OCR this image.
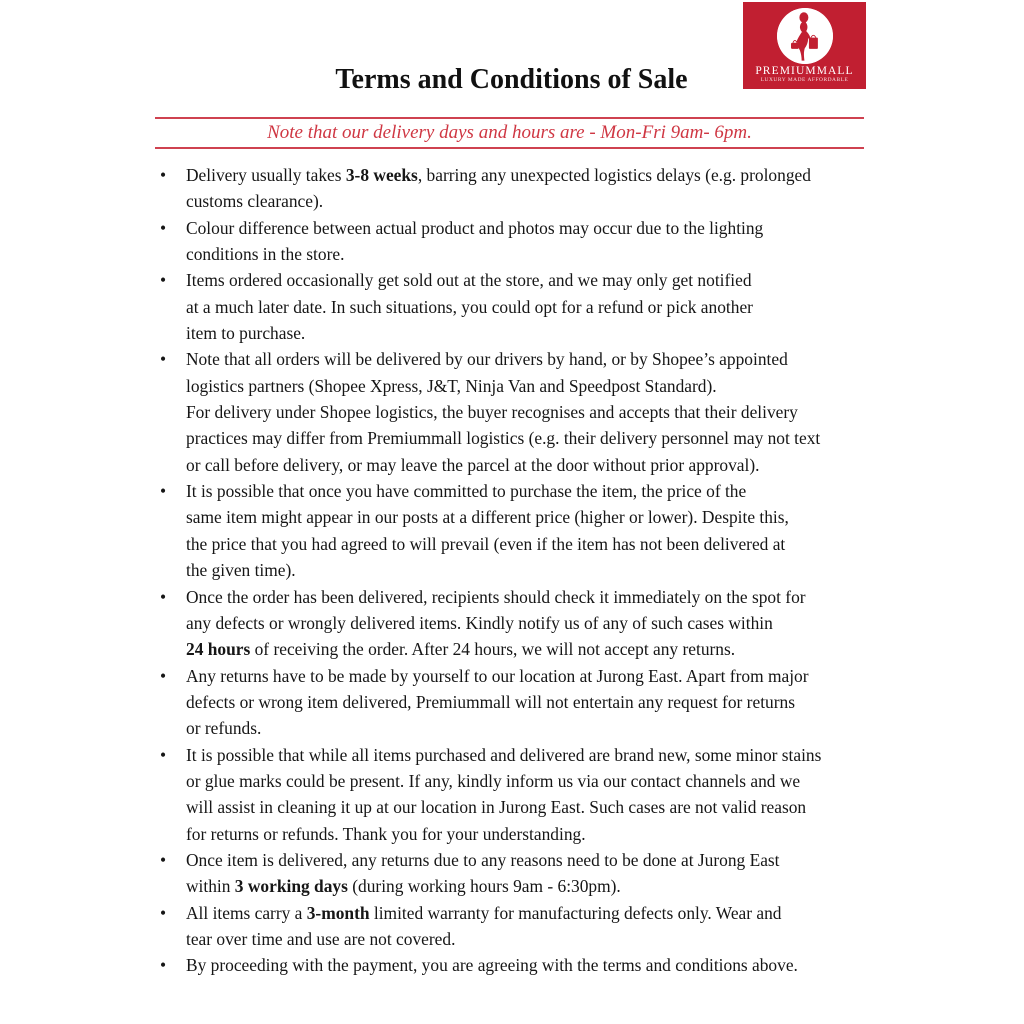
PREMIUMMALL
LUXURY MADE AFFORDABLE
Terms and Conditions of Sale
Note that our delivery days and hours are - Mon-Fri 9am- 6pm.
•	Delivery usually takes 3-8 weeks, barring any unexpected logistics delays (e.g. prolonged
customs clearance).
•	Colour difference between actual product and photos may occur due to the lighting
conditions in the store.
•	Items ordered occasionally get sold out at the store, and we may only get notified
at a much later date. In such situations, you could opt for a refund or pick another
item to purchase.
•	Note that all orders will be delivered by our drivers by hand, or by Shopee’s appointed
logistics partners (Shopee Xpress, J&T, Ninja Van and Speedpost Standard).
For delivery under Shopee logistics, the buyer recognises and accepts that their delivery
practices may differ from Premiummall logistics (e.g. their delivery personnel may not text
or call before delivery, or may leave the parcel at the door without prior approval).
•	It is possible that once you have committed to purchase the item, the price of the
same item might appear in our posts at a different price (higher or lower). Despite this,
the price that you had agreed to will prevail (even if the item has not been delivered at
the given time).
•	Once the order has been delivered, recipients should check it immediately on the spot for
any defects or wrongly delivered items. Kindly notify us of any of such cases within
24 hours of receiving the order. After 24 hours, we will not accept any returns.
•	Any returns have to be made by yourself to our location at Jurong East. Apart from major
defects or wrong item delivered, Premiummall will not entertain any request for returns
or refunds.
•	It is possible that while all items purchased and delivered are brand new, some minor stains
or glue marks could be present. If any, kindly inform us via our contact channels and we
will assist in cleaning it up at our location in Jurong East. Such cases are not valid reason
for returns or refunds. Thank you for your understanding.
•	Once item is delivered, any returns due to any reasons need to be done at Jurong East
within 3 working days (during working hours 9am - 6:30pm).
•	All items carry a 3-month limited warranty for manufacturing defects only. Wear and
tear over time and use are not covered.
•	By proceeding with the payment, you are agreeing with the terms and conditions above.
